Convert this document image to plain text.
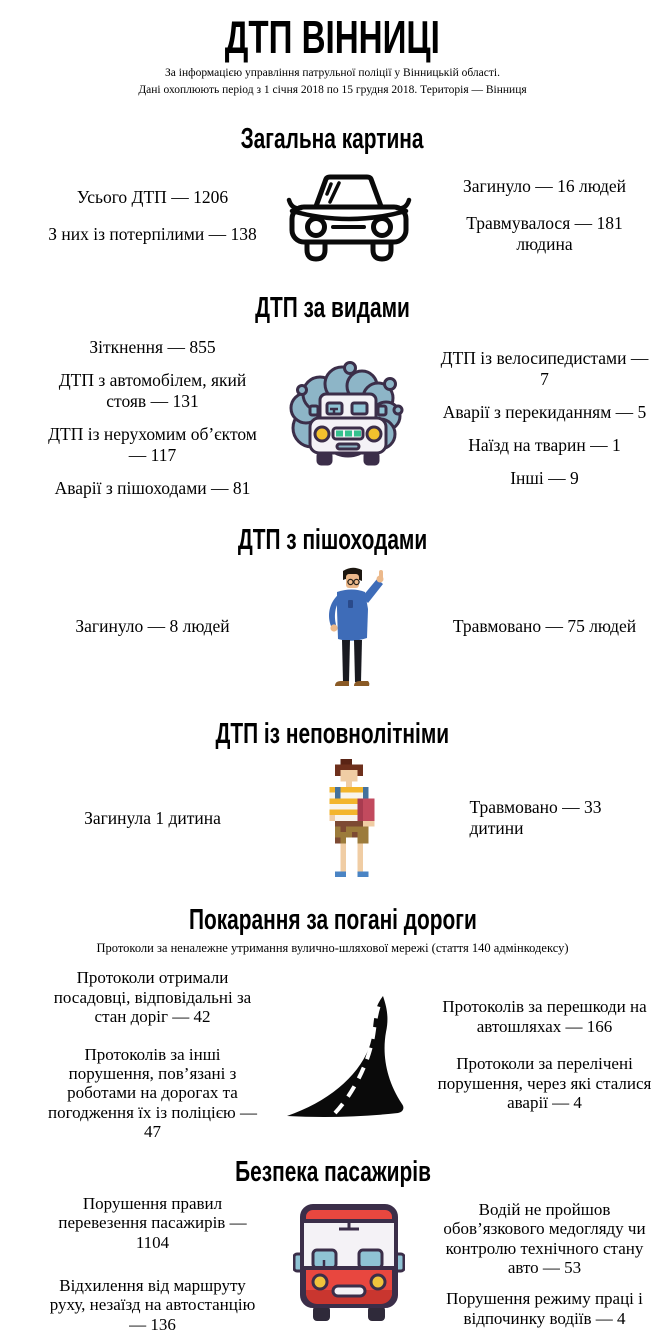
ДТП ВІННИЦІ
За інформацією управління патрульної поліції у Вінницькій області.
Дані охоплюють період з 1 січня 2018 по 15 грудня 2018. Територія — Вінниця
Загальна картина

Усього ДТП — 1206

З них із потерпілими — 138

Загинуло — 16 людей

Травмувалося — 181 людина

ДТП за видами

Зіткнення — 855

ДТП з автомобілем, який стояв — 131

ДТП із нерухомим об’єктом — 117

Аварії з пішоходами — 81

ДТП із велосипедистами — 7

Аварії з перекиданням — 5

Наїзд на тварин — 1

Інші — 9

ДТП з пішоходами

Загинуло — 8 людей	Травмовано — 75 людей

ДТП із неповнолітніми

Загинула 1 дитина

Травмовано — 33 дитини

Покарання за погані дороги
Протоколи за неналежне утримання вулично-шляхової мережі (стаття 140 адмінкодексу)

Протоколи отримали посадовці, відповідальні за стан доріг — 42

Протоколів за інші порушення, пов’язані з роботами на дорогах та погодження їх із поліцією — 47

Протоколів за перешкоди на автошляхах — 166

Протоколи за перелічені порушення, через які сталися аварії — 4

Безпека пасажирів

Порушення правил перевезення пасажирів — 1104

Відхилення від маршруту руху, незаїзд на автостанцію — 136

Водій не пройшов обов’язкового медогляду чи контролю технічного стану авто — 53

Порушення режиму праці і відпочинку водіїв — 4
